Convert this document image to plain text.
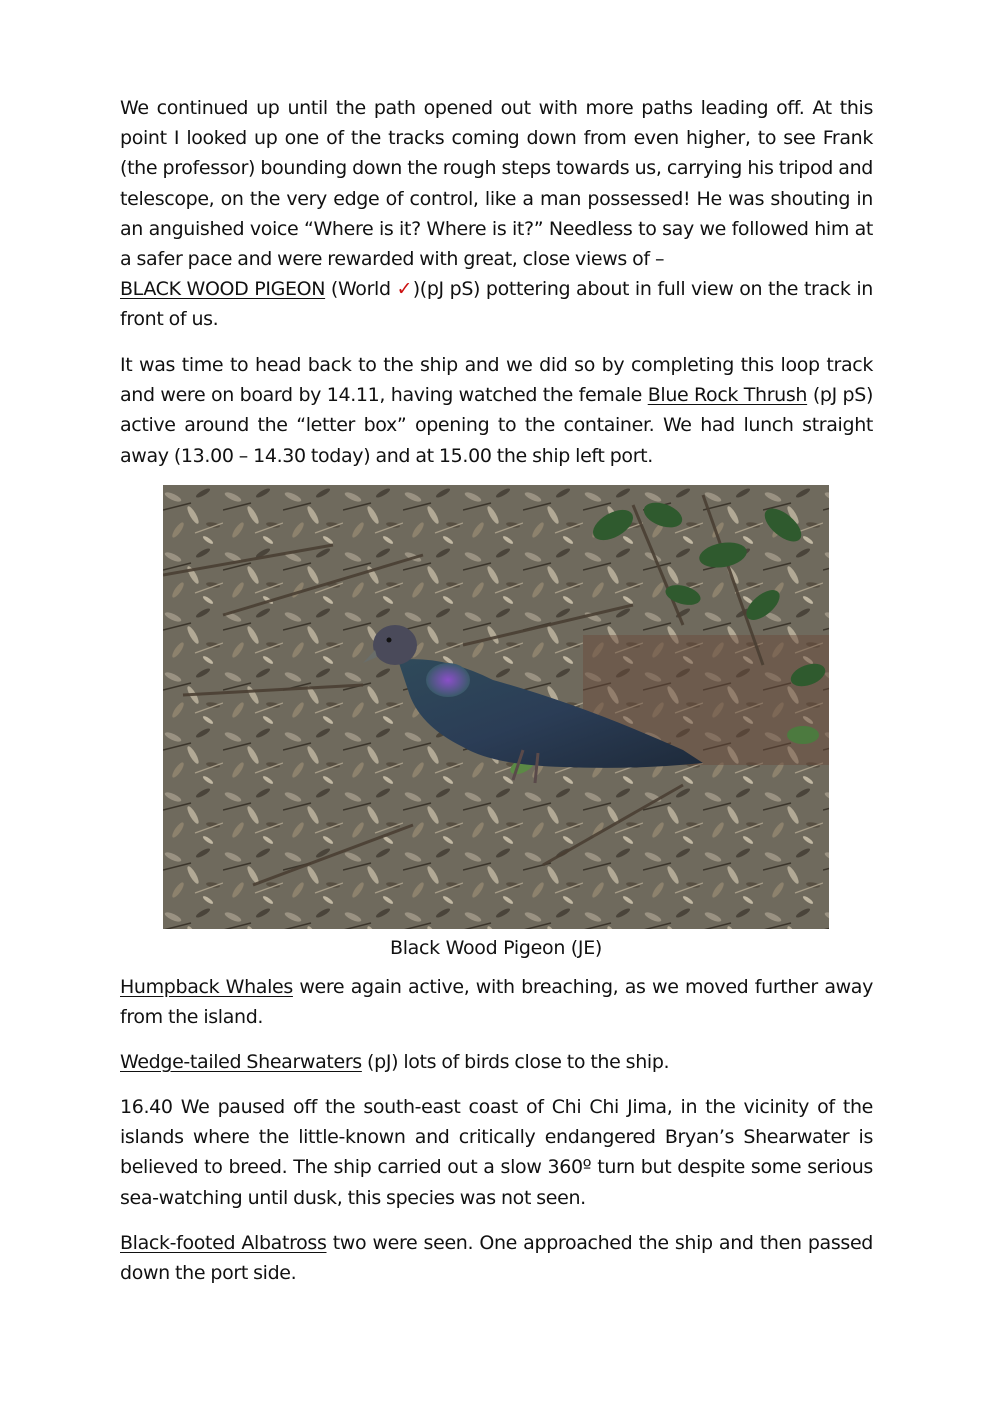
We continued up until the path opened out with more paths leading off. At this point I looked up one of the tracks coming down from even higher, to see Frank (the professor) bounding down the rough steps towards us, carrying his tripod and telescope, on the very edge of control, like a man possessed! He was shouting in an anguished voice “Where is it? Where is it?” Needless to say we followed him at a safer pace and were rewarded with great, close views of –
BLACK WOOD PIGEON (World ✓)(pJ pS) pottering about in full view on the track in front of us.

It was time to head back to the ship and we did so by completing this loop track and were on board by 14.11, having watched the female Blue Rock Thrush (pJ pS) active around the “letter box” opening to the container. We had lunch straight away (13.00 – 14.30 today) and at 15.00 the ship left port.

Black Wood Pigeon (JE)

Humpback Whales were again active, with breaching, as we moved further away from the island.

Wedge-tailed Shearwaters (pJ) lots of birds close to the ship.

16.40 We paused off the south-east coast of Chi Chi Jima, in the vicinity of the islands where the little-known and critically endangered Bryan’s Shearwater is believed to breed. The ship carried out a slow 360º turn but despite some serious sea-watching until dusk, this species was not seen.

Black-footed Albatross two were seen. One approached the ship and then passed down the port side.
